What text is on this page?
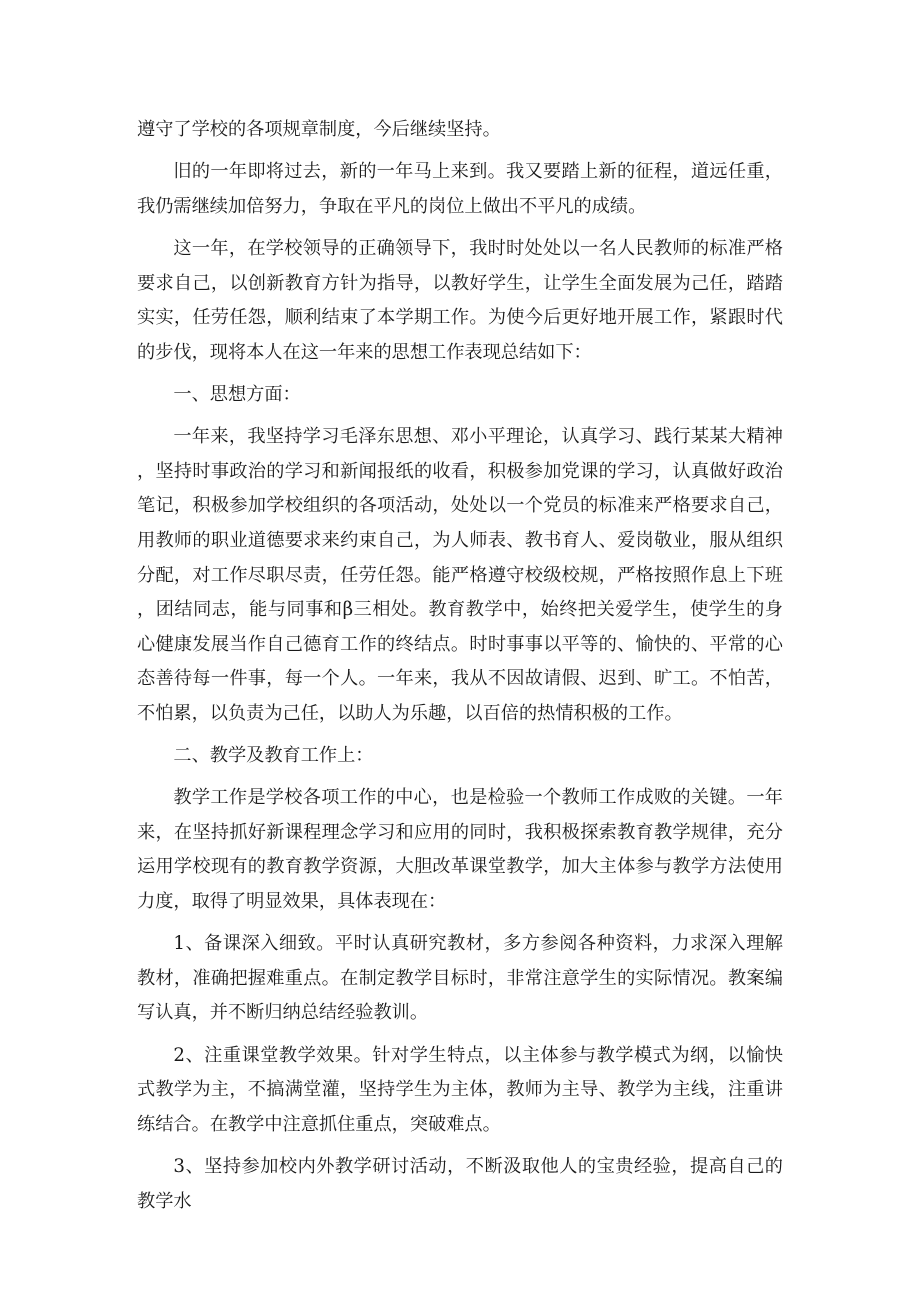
遵守了学校的各项规章制度，今后继续坚持。

旧的一年即将过去，新的一年马上来到。我又要踏上新的征程，道远任重，我仍需继续加倍努力，争取在平凡的岗位上做出不平凡的成绩。

这一年，在学校领导的正确领导下，我时时处处以一名人民教师的标准严格要求自己，以创新教育方针为指导，以教好学生，让学生全面发展为己任，踏踏实实，任劳任怨，顺利结束了本学期工作。为使今后更好地开展工作，紧跟时代的步伐，现将本人在这一年来的思想工作表现总结如下：

一、思想方面：

一年来，我坚持学习毛泽东思想、邓小平理论，认真学习、践行某某大精神，坚持时事政治的学习和新闻报纸的收看，积极参加党课的学习，认真做好政治笔记，积极参加学校组织的各项活动，处处以一个党员的标准来严格要求自己，用教师的职业道德要求来约束自己，为人师表、教书育人、爱岗敬业，服从组织分配，对工作尽职尽责，任劳任怨。能严格遵守校级校规，严格按照作息上下班，团结同志，能与同事和β三相处。教育教学中，始终把关爱学生，使学生的身心健康发展当作自己德育工作的终结点。时时事事以平等的、愉快的、平常的心态善待每一件事，每一个人。一年来，我从不因故请假、迟到、旷工。不怕苦，不怕累，以负责为己任，以助人为乐趣，以百倍的热情积极的工作。

二、教学及教育工作上：

教学工作是学校各项工作的中心，也是检验一个教师工作成败的关键。一年来，在坚持抓好新课程理念学习和应用的同时，我积极探索教育教学规律，充分运用学校现有的教育教学资源，大胆改革课堂教学，加大主体参与教学方法使用力度，取得了明显效果，具体表现在：

1、备课深入细致。平时认真研究教材，多方参阅各种资料，力求深入理解教材，准确把握难重点。在制定教学目标时，非常注意学生的实际情况。教案编写认真，并不断归纳总结经验教训。

2、注重课堂教学效果。针对学生特点，以主体参与教学模式为纲，以愉快式教学为主，不搞满堂灌，坚持学生为主体，教师为主导、教学为主线，注重讲练结合。在教学中注意抓住重点，突破难点。

3、坚持参加校内外教学研讨活动，不断汲取他人的宝贵经验，提高自己的教学水
